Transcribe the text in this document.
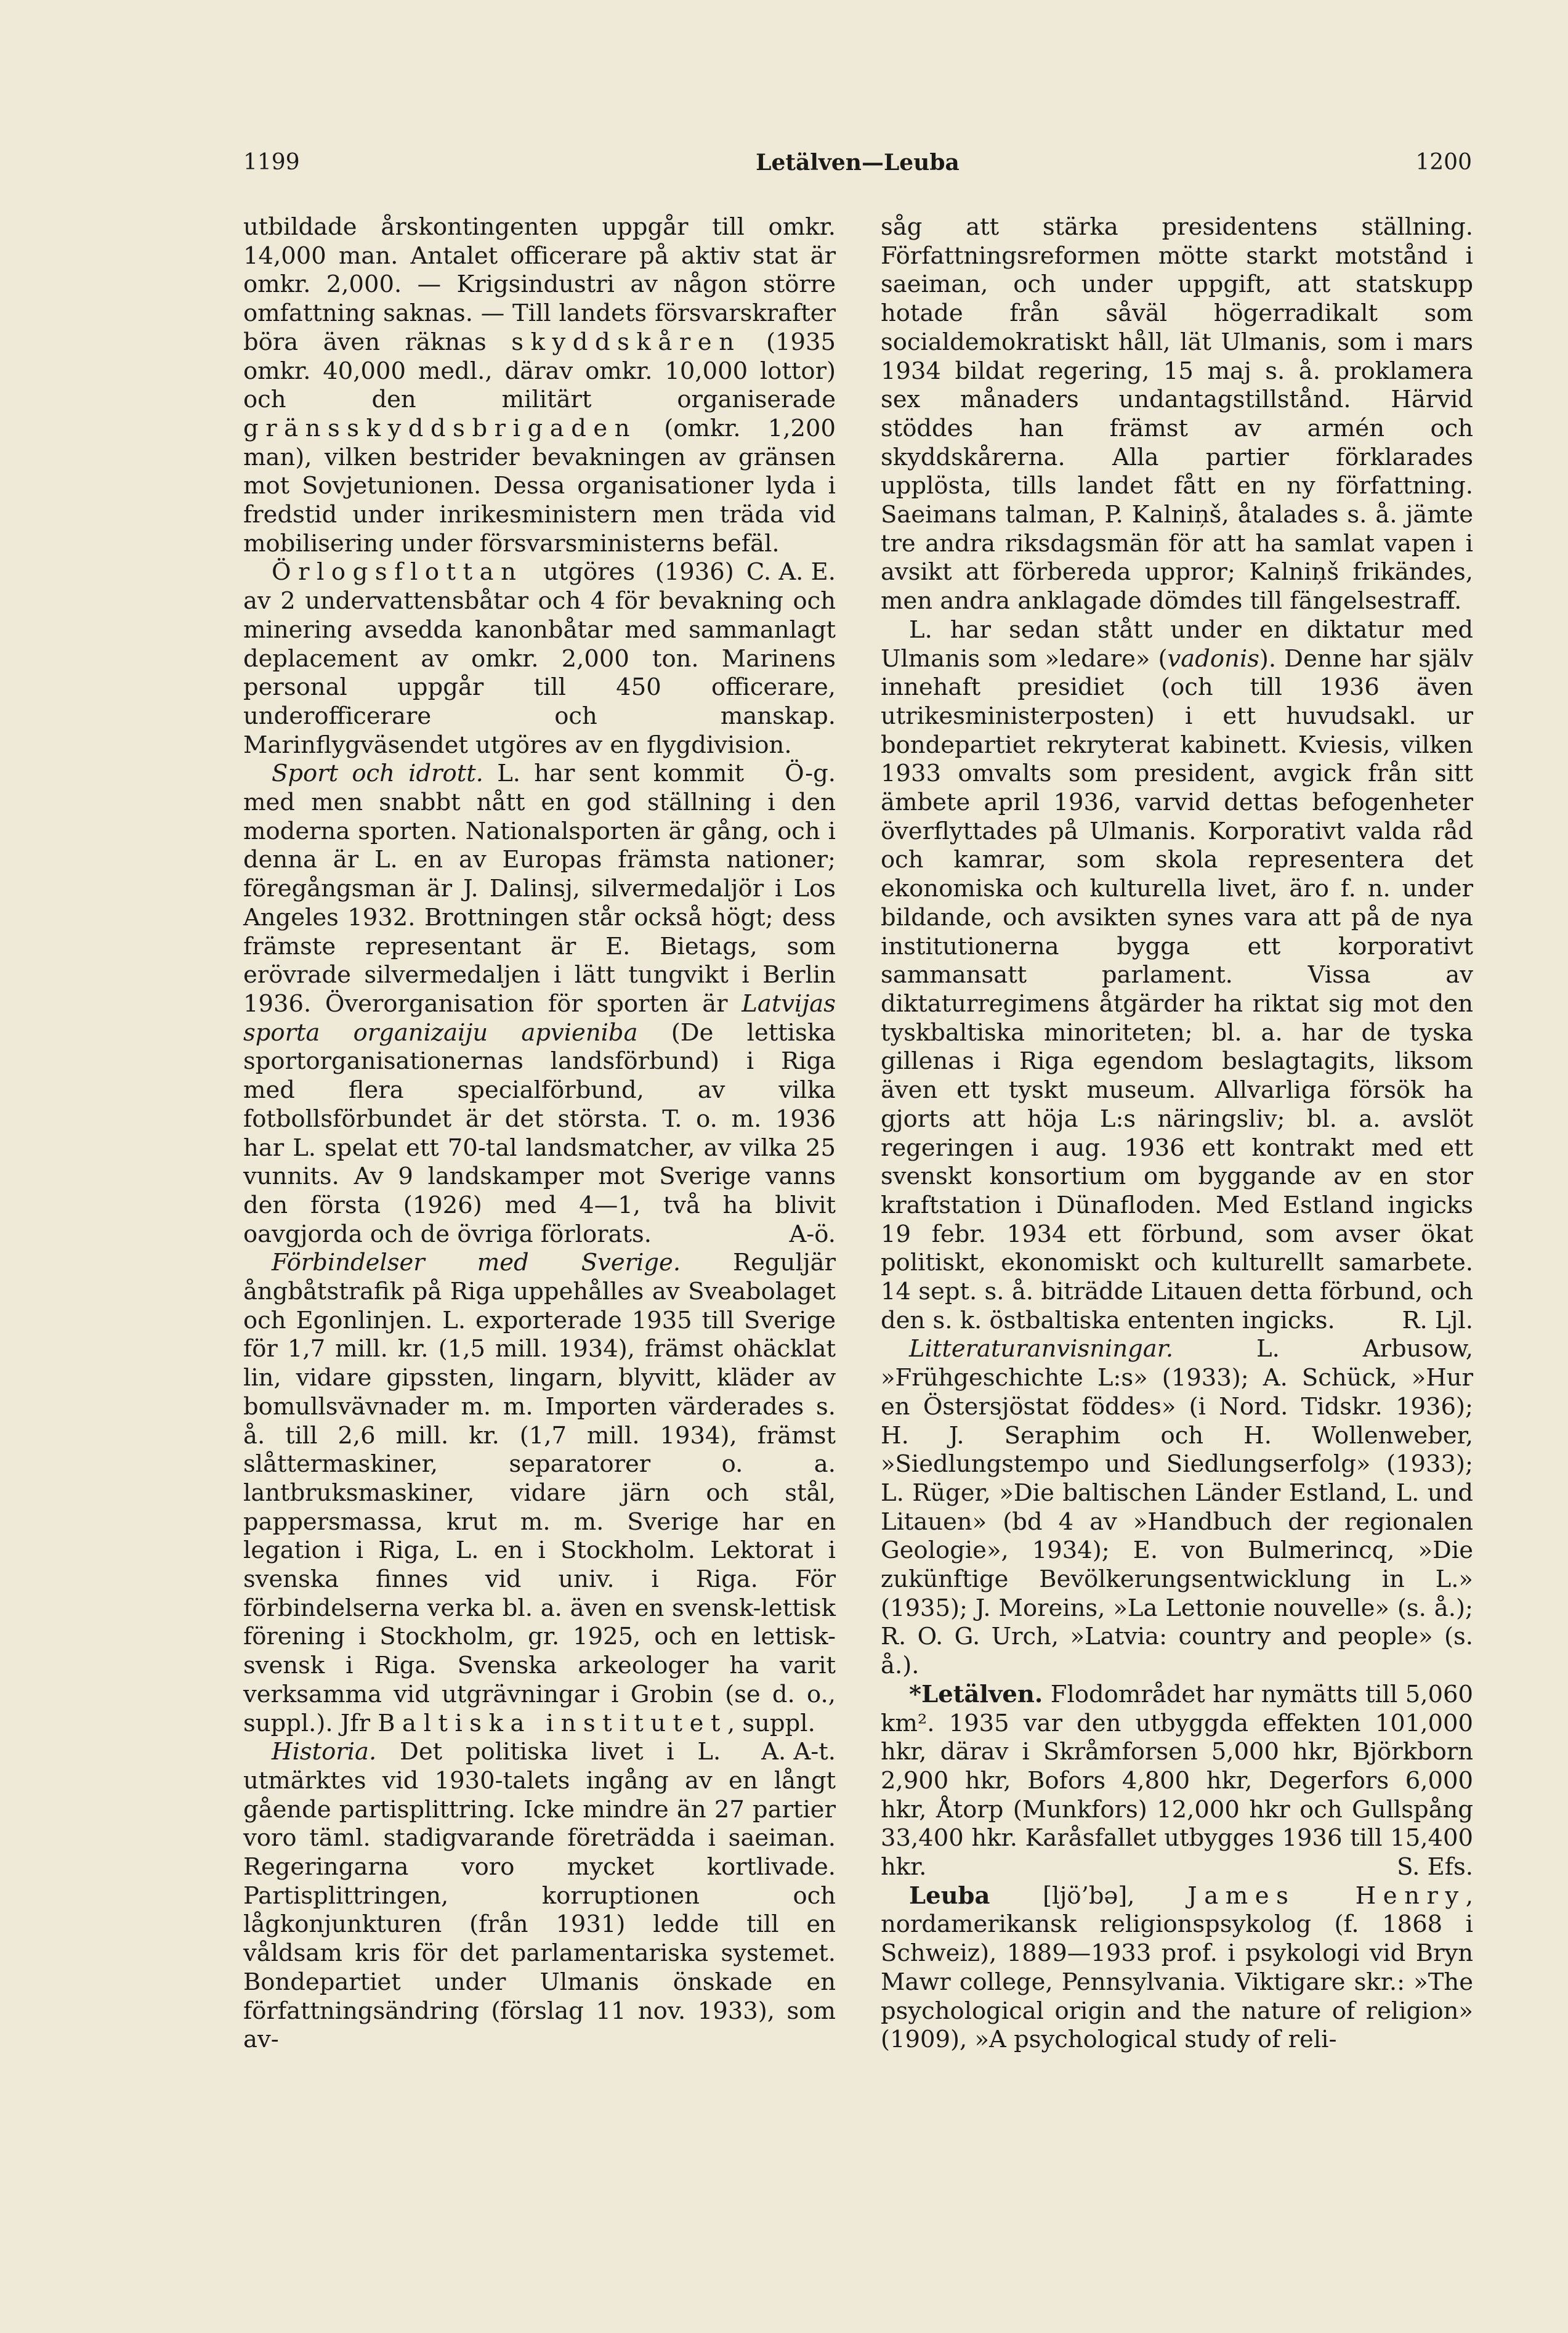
1199	Letälven—Leuba	1200

utbildade årskontingenten uppgår till omkr. 14,000 man. Antalet officerare på aktiv stat är omkr. 2,000. — Krigsindustri av någon större omfattning saknas. — Till landets försvarskrafter böra även räknas skyddskåren (1935 omkr. 40,000 medl., därav omkr. 10,000 lottor) och den militärt organiserade gränsskyddsbrigaden (omkr. 1,200 man), vilken bestrider bevakningen av gränsen mot Sovjetunionen. Dessa organisationer lyda i fredstid under inrikesministern men träda vid mobilisering under försvarsministerns befäl.
C. A. E.

Örlogsflottan utgöres (1936) av 2 undervattensbåtar och 4 för bevakning och minering avsedda kanonbåtar med sammanlagt deplacement av omkr. 2,000 ton. Marinens personal uppgår till 450 officerare, underofficerare och manskap. Marinflygväsendet utgöres av en flygdivision.
Ö-g.

Sport och idrott. L. har sent kommit med men snabbt nått en god ställning i den moderna sporten. Nationalsporten är gång, och i denna är L. en av Europas främsta nationer; föregångsman är J. Dalinsj, silvermedaljör i Los Angeles 1932. Brottningen står också högt; dess främste representant är E. Bietags, som erövrade silvermedaljen i lätt tungvikt i Berlin 1936. Överorganisation för sporten är Latvijas sporta organizaiju apvieniba (De lettiska sportorganisationernas landsförbund) i Riga med flera specialförbund, av vilka fotbollsförbundet är det största. T. o. m. 1936 har L. spelat ett 70-tal landsmatcher, av vilka 25 vunnits. Av 9 landskamper mot Sverige vanns den första (1926) med 4—1, två ha blivit oavgjorda och de övriga förlorats.	A-ö.

Förbindelser med Sverige. Reguljär ångbåtstrafik på Riga uppehålles av Sveabolaget och Egonlinjen. L. exporterade 1935 till Sverige för 1,7 mill. kr. (1,5 mill. 1934), främst ohäcklat lin, vidare gipssten, lingarn, blyvitt, kläder av bomullsvävnader m. m. Importen värderades s. å. till 2,6 mill. kr. (1,7 mill. 1934), främst slåttermaskiner, separatorer o. a. lantbruksmaskiner, vidare järn och stål, pappersmassa, krut m. m. Sverige har en legation i Riga, L. en i Stockholm. Lektorat i svenska finnes vid univ. i Riga. För förbindelserna verka bl. a. även en svensk-lettisk förening i Stockholm, gr. 1925, och en lettisk-svensk i Riga. Svenska arkeologer ha varit verksamma vid utgrävningar i Grobin (se d. o., suppl.). Jfr Baltiska institutet, suppl.
A. A-t.

Historia. Det politiska livet i L. utmärktes vid 1930-talets ingång av en långt gående partisplittring. Icke mindre än 27 partier voro täml. stadigvarande företrädda i saeiman. Regeringarna voro mycket kortlivade. Partisplittringen, korruptionen och lågkonjunkturen (från 1931) ledde till en våldsam kris för det parlamentariska systemet. Bondepartiet under Ulmanis önskade en författningsändring (förslag 11 nov. 1933), som av-

såg att stärka presidentens ställning. Författningsreformen mötte starkt motstånd i saeiman, och under uppgift, att statskupp hotade från såväl högerradikalt som socialdemokratiskt håll, lät Ulmanis, som i mars 1934 bildat regering, 15 maj s. å. proklamera sex månaders undantagstillstånd. Härvid stöddes han främst av armén och skyddskårerna. Alla partier förklarades upplösta, tills landet fått en ny författning. Saeimans talman, P. Kalniņš, åtalades s. å. jämte tre andra riksdagsmän för att ha samlat vapen i avsikt att förbereda uppror; Kalniņš frikändes, men andra anklagade dömdes till fängelsestraff.

L. har sedan stått under en diktatur med Ulmanis som »ledare» (vadonis). Denne har själv innehaft presidiet (och till 1936 även utrikesministerposten) i ett huvudsakl. ur bondepartiet rekryterat kabinett. Kviesis, vilken 1933 omvalts som president, avgick från sitt ämbete april 1936, varvid dettas befogenheter överflyttades på Ulmanis. Korporativt valda råd och kamrar, som skola representera det ekonomiska och kulturella livet, äro f. n. under bildande, och avsikten synes vara att på de nya institutionerna bygga ett korporativt sammansatt parlament. Vissa av diktaturregimens åtgärder ha riktat sig mot den tyskbaltiska minoriteten; bl. a. har de tyska gillenas i Riga egendom beslagtagits, liksom även ett tyskt museum. Allvarliga försök ha gjorts att höja L:s näringsliv; bl. a. avslöt regeringen i aug. 1936 ett kontrakt med ett svenskt konsortium om byggande av en stor kraftstation i Dünafloden. Med Estland ingicks 19 febr. 1934 ett förbund, som avser ökat politiskt, ekonomiskt och kulturellt samarbete. 14 sept. s. å. biträdde Litauen detta förbund, och den s. k. östbaltiska ententen ingicks.	R. Ljl.

Litteraturanvisningar. L. Arbusow, »Frühgeschichte L:s» (1933); A. Schück, »Hur en Östersjöstat föddes» (i Nord. Tidskr. 1936); H. J. Seraphim och H. Wollenweber, »Siedlungstempo und Siedlungserfolg» (1933); L. Rüger, »Die baltischen Länder Estland, L. und Litauen» (bd 4 av »Handbuch der regionalen Geologie», 1934); E. von Bulmerincq, »Die zukünftige Bevölkerungsentwicklung in L.» (1935); J. Moreins, »La Lettonie nouvelle» (s. å.); R. O. G. Urch, »Latvia: country and people» (s. å.).

*Letälven. Flodområdet har nymätts till 5,060 km². 1935 var den utbyggda effekten 101,000 hkr, därav i Skråmforsen 5,000 hkr, Björkborn 2,900 hkr, Bofors 4,800 hkr, Degerfors 6,000 hkr, Åtorp (Munkfors) 12,000 hkr och Gullspång 33,400 hkr. Karåsfallet utbygges 1936 till 15,400 hkr.	S. Efs.

Leuba [ljö’bə], James Henry, nordamerikansk religionspsykolog (f. 1868 i Schweiz), 1889—1933 prof. i psykologi vid Bryn Mawr college, Pennsylvania. Viktigare skr.: »The psychological origin and the nature of religion» (1909), »A psychological study of reli-
